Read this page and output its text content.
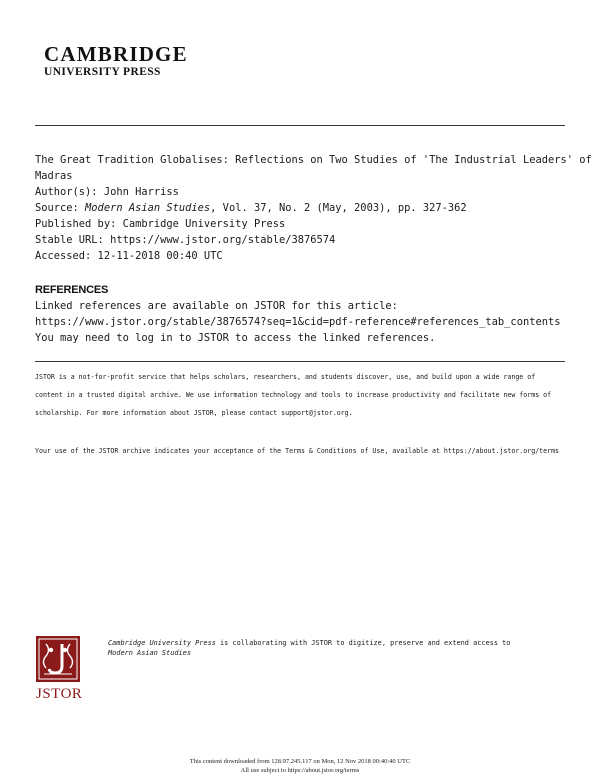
CAMBRIDGE
UNIVERSITY PRESS
The Great Tradition Globalises: Reflections on Two Studies of 'The Industrial Leaders' of
Madras
Author(s): John Harriss
Source: Modern Asian Studies, Vol. 37, No. 2 (May, 2003), pp. 327-362
Published by: Cambridge University Press
Stable URL: https://www.jstor.org/stable/3876574
Accessed: 12-11-2018 00:40 UTC
REFERENCES
Linked references are available on JSTOR for this article:
https://www.jstor.org/stable/3876574?seq=1&cid=pdf-reference#references_tab_contents
You may need to log in to JSTOR to access the linked references.

JSTOR is a not-for-profit service that helps scholars, researchers, and students discover, use, and build upon a wide range of content in a trusted digital archive. We use information technology and tools to increase productivity and facilitate new forms of scholarship. For more information about JSTOR, please contact support@jstor.org.

Your use of the JSTOR archive indicates your acceptance of the Terms & Conditions of Use, available at https://about.jstor.org/terms

JSTOR
Cambridge University Press is collaborating with JSTOR to digitize, preserve and extend access to Modern Asian Studies
This content downloaded from 128.97.245.117 on Mon, 12 Nov 2018 00:40:40 UTC
All use subject to https://about.jstor.org/terms
